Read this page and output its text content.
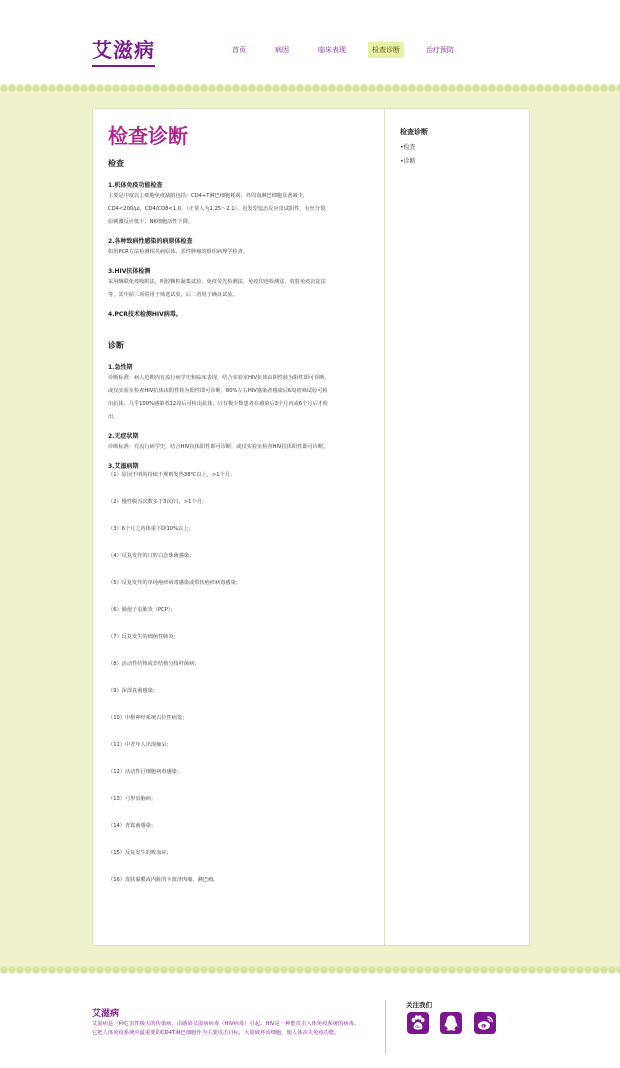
艾滋病	首页	病因	临床表现	检查诊断	治疗预防
检查诊断
检查

1.机体免疫功能检查

主要是中度以上细胞免疫缺陷包括：CD4+T淋巴细胞耗竭，外周血淋巴细胞显著减少，

CD4<200/μl，CD4/CD8<1.0，（正常人为1.25～2.1），迟发型变态反应皮试阴性，有丝分裂

原刺激反应低下。NK细胞活性下降。

2.各种致病性感染的病原体检查

如用PCR方法检测相关病原体，恶性肿瘤的组织病理学检查。

3.HIV抗体检测

采用酶联免疫吸附法、明胶颗粒凝集试验、免疫荧光检测法、免疫印迹检测法、放射免疫沉淀法

等，其中前三项常用于筛选试验，后二者用于确证试验。

4.PCR技术检测HIV病毒。

诊断

1.急性期

诊断标准：病人近期内有流行病学史和临床表现，结合实验室HIV抗体由阴性转为阳性即可诊断，

或仅实验室检查HIV抗体由阴性转为阳性即可诊断。80%左右HIV感染者感染后6周初筛试验可检

出抗体，几乎100%感染者12周后可检出抗体，只有极少数患者在感染后3个月内或6个月后才检

出。

2.无症状期

诊断标准：有流行病学史，结合HIV抗体阳性即可诊断，或仅实验室检查HIV抗体阳性即可诊断。

3.艾滋病期

（1）原因不明的持续不规则发热38℃以上，>1个月；

（2）慢性腹泻次数多于3次/日，>1个月；

（3）6个月之内体重下降10%以上；

（4）反复发作的口腔白念珠菌感染；

（5）反复发作的单纯疱疹病毒感染或带状疱疹病毒感染；

（6）肺孢子虫肺炎（PCP）；

（7）反复发生的细菌性肺炎；

（8）活动性结核或非结核分枝杆菌病；

（9）深部真菌感染；

（10）中枢神经系统占位性病变；

（11）中青年人出现痴呆；

（12）活动性巨细胞病毒感染；

（13）弓形虫脑病；

（14）青霉菌感染；

（15）反复发生的败血症；

（16）皮肤黏膜或内脏的卡波济肉瘤、淋巴瘤。

检查诊断
•检查
•诊断
艾滋病
艾滋病是一种危害性极大的传染病，由感染艾滋病病毒（HIV病毒）引起。HIV是一种能攻击人体免疫系统的病毒。它把人体免疫系统中最重要的CD4T淋巴细胞作为主要攻击目标，大量破坏该细胞，使人体丧失免疫功能。
关注我们
du
